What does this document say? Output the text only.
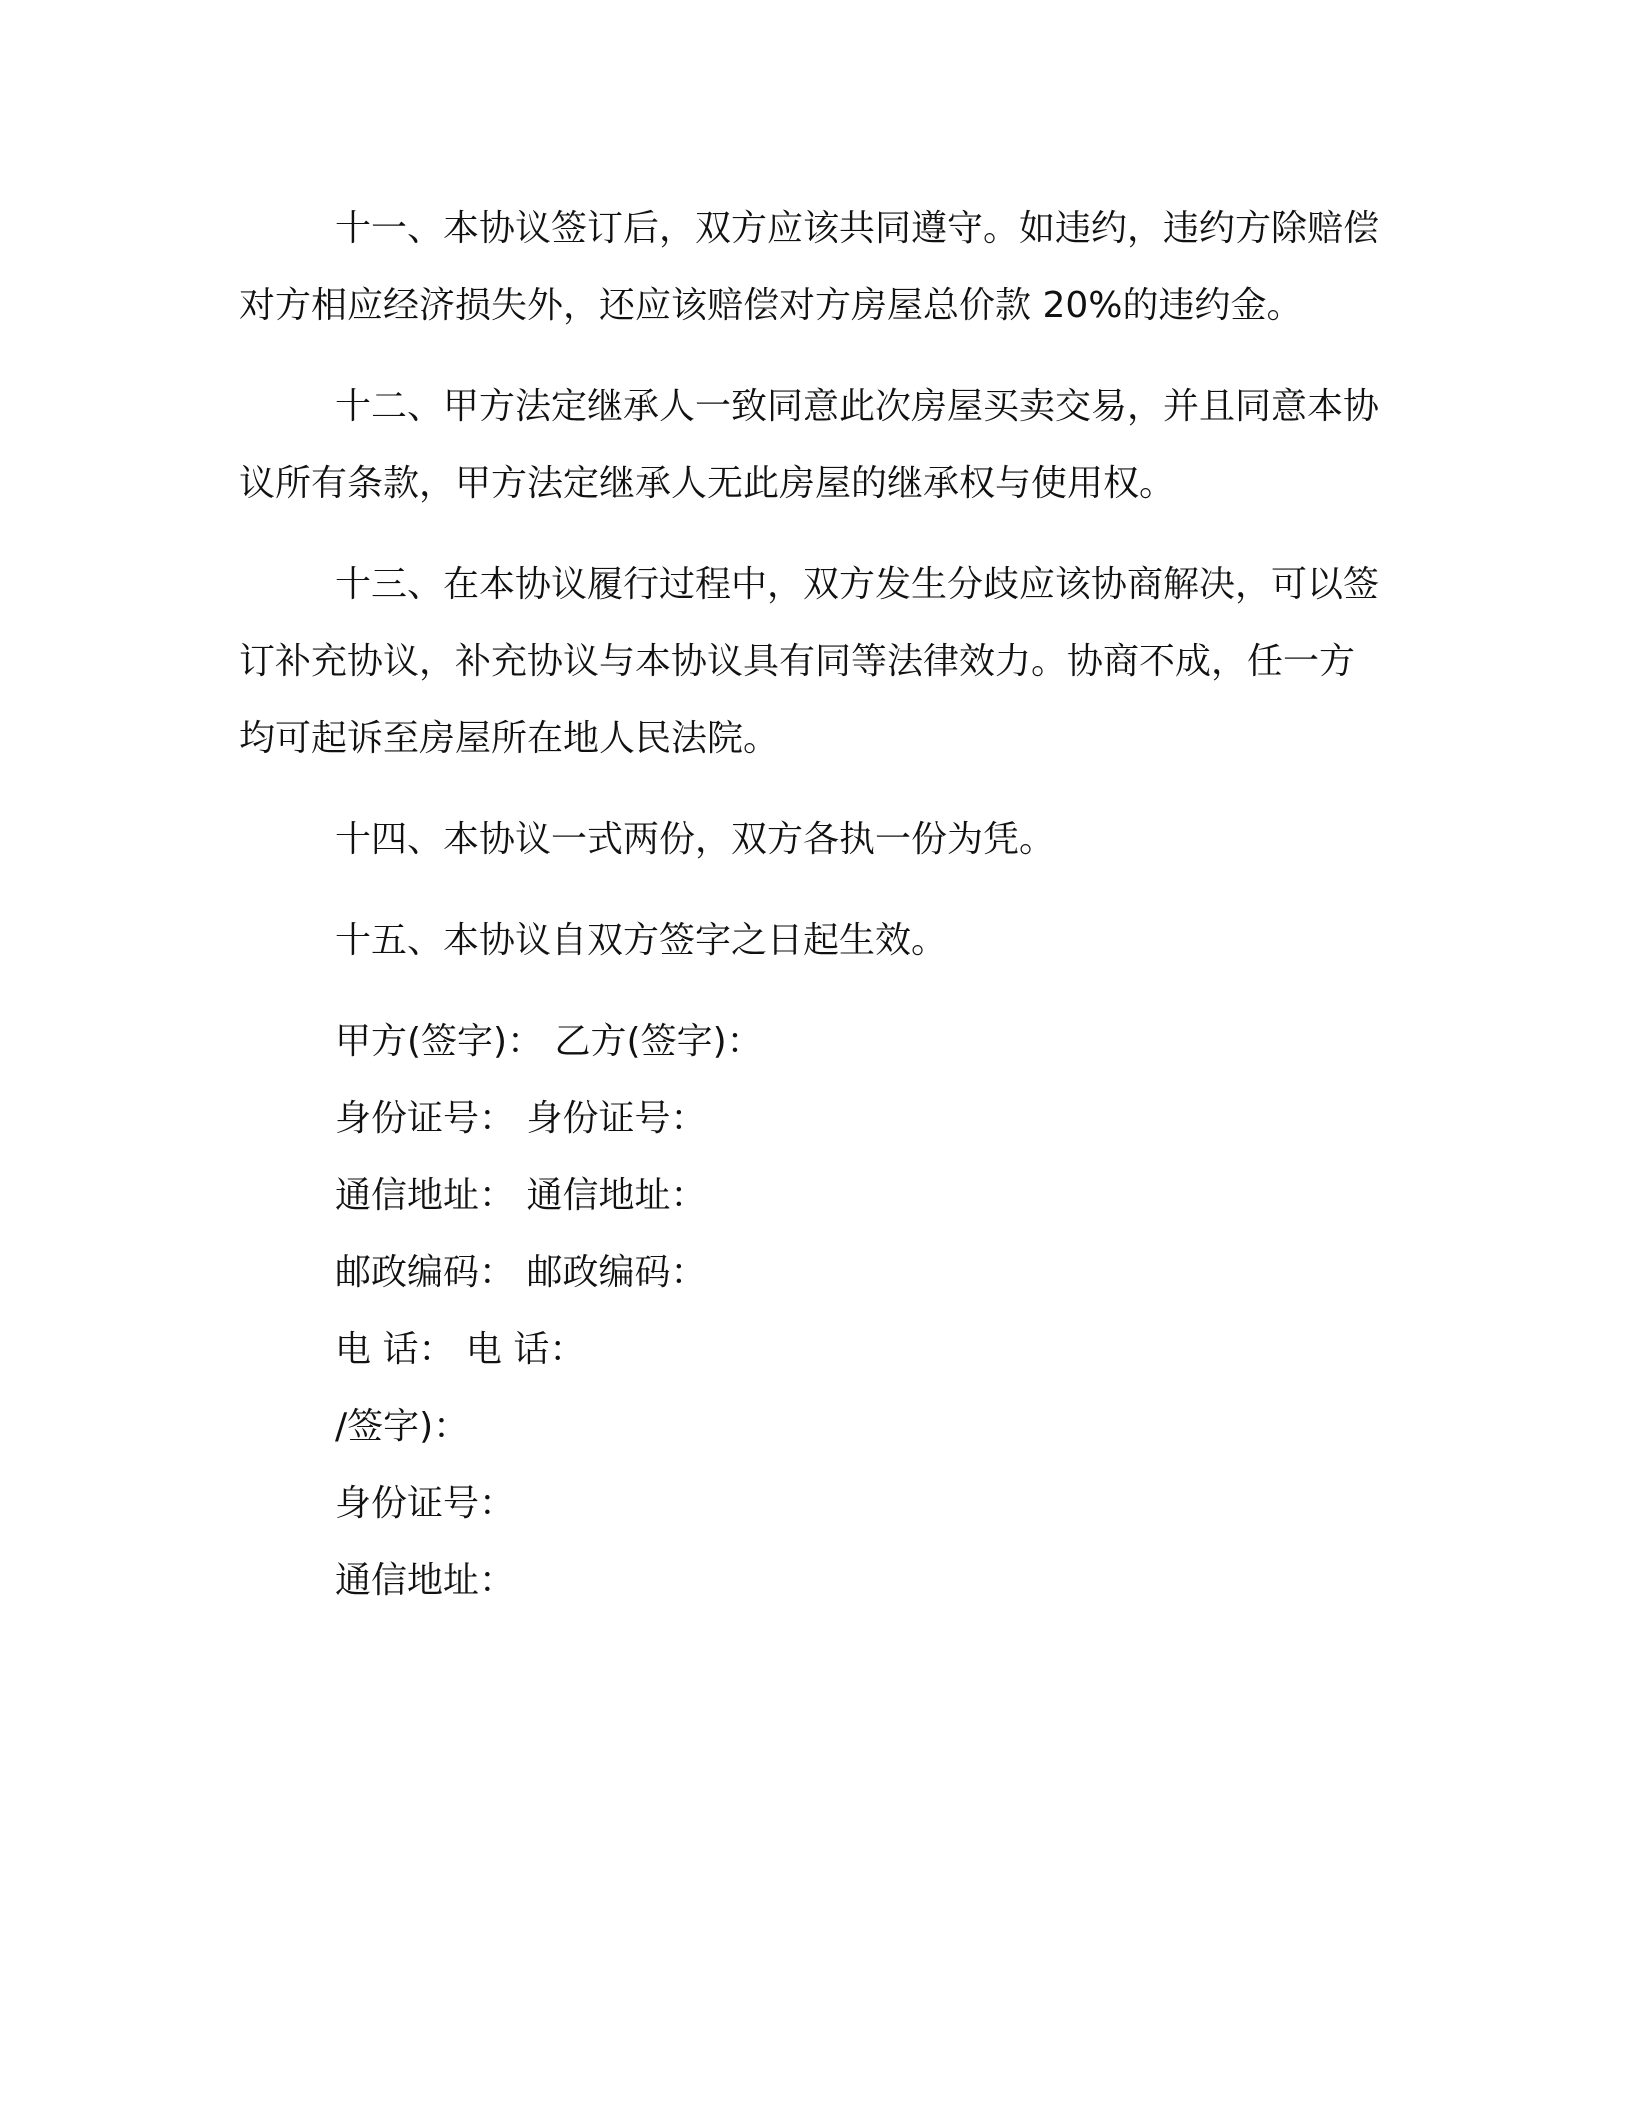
十一、本协议签订后，双方应该共同遵守。如违约，违约方除赔偿对方相应经济损失外，还应该赔偿对方房屋总价款 20%的违约金。

十二、甲方法定继承人一致同意此次房屋买卖交易，并且同意本协议所有条款，甲方法定继承人无此房屋的继承权与使用权。

十三、在本协议履行过程中，双方发生分歧应该协商解决，可以签订补充协议，补充协议与本协议具有同等法律效力。协商不成，任一方均可起诉至房屋所在地人民法院。

十四、本协议一式两份，双方各执一份为凭。

十五、本协议自双方签字之日起生效。

甲方(签字)： 乙方(签字)：

身份证号： 身份证号：

通信地址： 通信地址：

邮政编码： 邮政编码：

电 话： 电 话：

/签字)：

身份证号：

通信地址：
